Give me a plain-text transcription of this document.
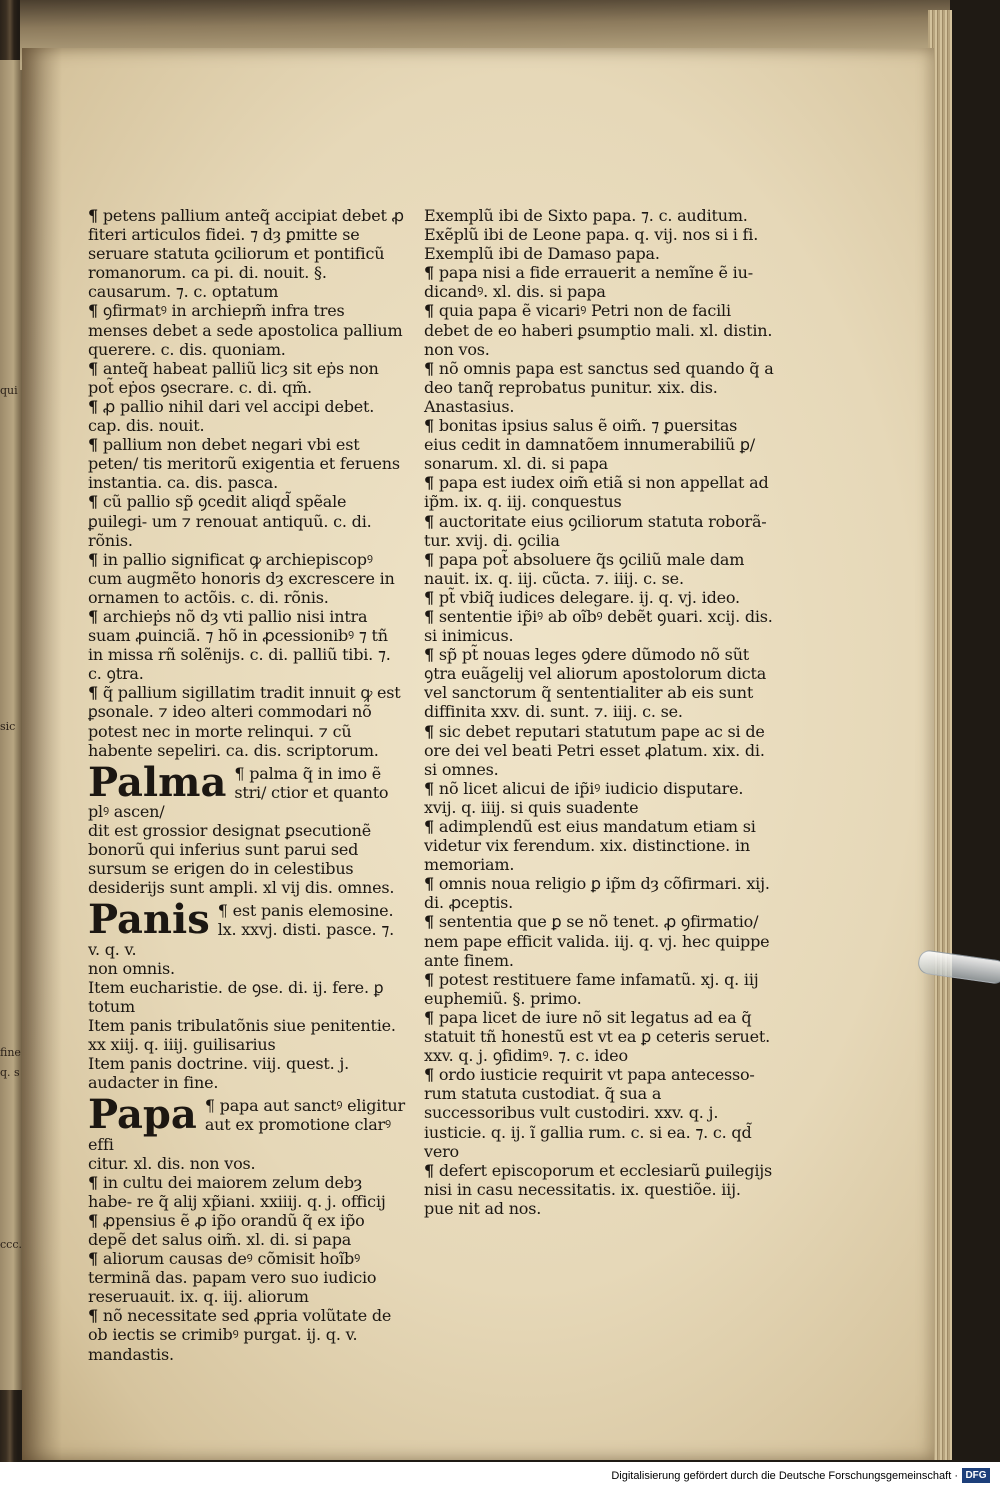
qui
sic
fine
q. s
ccc.

¶ petens pallium anteq̃ accipiat debet ꝓ fiteri articulos fidei. ⁊ dȝ ꝑmitte se seruare statuta ꝯciliorum et pontificũ romanorum. ca pi. di. nouit. §. causarum. ⁊. c. optatum

¶ ꝯfirmatꝰ in archiepm̃ infra tres menses debet a sede apostolica pallium querere. c. dis. quoniam.

¶ anteq̃ habeat palliũ licȝ sit eṗs non pot̃ eṗos ꝯsecrare. c. di. qm̃.

¶ ꝓ pallio nihil dari vel accipi debet. cap. dis. nouit.

¶ pallium non debet negari vbi est peten/ tis meritorũ exigentia et feruens instantia. ca. dis. pasca.

¶ cũ pallio sp̃ ꝯcedit aliqd̃ spẽale ꝑuilegi- um ⁊ renouat antiquũ. c. di. rõnis.

¶ in pallio significat ꝙ archiepiscopꝰ cum augmẽto honoris dȝ excrescere in ornamen to actõis. c. di. rõnis.

¶ archieṗs nõ dȝ vti pallio nisi intra suam ꝓuinciã. ⁊ hõ in ꝓcessionibꝰ ⁊ tñ in missa rñ solẽnijs. c. di. palliũ tibi. ⁊. c. ꝯtra.

¶ q̃ pallium sigillatim tradit innuit ꝙ est ꝑsonale. ⁊ ideo alteri commodari nõ potest nec in morte relinqui. ⁊ cũ habente sepeliri. ca. dis. scriptorum.

Palma ¶ palma q̃ in imo ẽ stri/ ctior et quanto plꝰ ascen/

dit est grossior designat ꝑsecutionẽ bonorũ qui inferius sunt parui sed sursum se erigen do in celestibus desiderijs sunt ampli. xl vij dis. omnes.

Panis ¶ est panis elemosine. lx. xxvj. disti. pasce. ⁊. v. q. v.

non omnis.

Item eucharistie. de ꝯse. di. ij. fere. ꝑ totum

Item panis tribulatõnis siue penitentie. xx xiij. q. iiij. guilisarius

Item panis doctrine. viij. quest. j. audacter in fine.

Papa ¶ papa aut sanctꝰ eligitur aut ex promotione clarꝰ effi

citur. xl. dis. non vos.

¶ in cultu dei maiorem zelum debȝ habe- re q̃ alij xp̃iani. xxiiij. q. j. officij

¶ ꝓpensius ẽ ꝓ ip̃o orandũ q̃ ex ip̃o depẽ det salus oim̃. xl. di. si papa

¶ aliorum causas deꝰ cõmisit hoĩbꝰ terminã das. papam vero suo iudicio reseruauit. ix. q. iij. aliorum

¶ nõ necessitate sed ꝓpria volũtate de ob iectis se crimibꝰ purgat. ij. q. v. mandastis.

Exemplũ ibi de Sixto papa. ⁊. c. auditum.

Exẽplũ ibi de Leone papa. q. vij. nos si i fi.

Exemplũ ibi de Damaso papa.

¶ papa nisi a fide errauerit a nemĩne ẽ iu- dicandꝰ. xl. dis. si papa

¶ quia papa ẽ vicariꝰ Petri non de facili debet de eo haberi ꝑsumptio mali. xl. distin. non vos.

¶ nõ omnis papa est sanctus sed quando q̃ a deo tanq̃ reprobatus punitur. xix. dis. Anastasius.

¶ bonitas ipsius salus ẽ oim̃. ⁊ ꝑuersitas eius cedit in damnatõem innumerabiliũ ꝑ/ sonarum. xl. di. si papa

¶ papa est iudex oim̃ etiã si non appellat ad ip̃m. ix. q. iij. conquestus

¶ auctoritate eius ꝯciliorum statuta roborã- tur. xvij. di. ꝯcilia

¶ papa pot̃ absoluere q̃s ꝯciliũ male dam nauit. ix. q. iij. cũcta. ⁊. iiij. c. se.

¶ pt̃ vbiq̃ iudices delegare. ij. q. vj. ideo.

¶ sententie ip̃iꝰ ab oĩbꝰ debẽt ꝯuari. xcij. dis. si inimicus.

¶ sp̃ pt̃ nouas leges ꝯdere dũmodo nõ sũt ꝯtra euãgelij vel aliorum apostolorum dicta vel sanctorum q̃ sententialiter ab eis sunt diffinita xxv. di. sunt. ⁊. iiij. c. se.

¶ sic debet reputari statutum pape ac si de ore dei vel beati Petri esset ꝓlatum. xix. di. si omnes.

¶ nõ licet alicui de ip̃iꝰ iudicio disputare. xvij. q. iiij. si quis suadente

¶ adimplendũ est eius mandatum etiam si videtur vix ferendum. xix. distinctione. in memoriam.

¶ omnis noua religio ꝑ ip̃m dȝ cõfirmari. xij. di. ꝓceptis.

¶ sententia que ꝑ se nõ tenet. ꝓ ꝯfirmatio/ nem pape efficit valida. iij. q. vj. hec quippe ante finem.

¶ potest restituere fame infamatũ. xj. q. iij euphemiũ. §. primo.

¶ papa licet de iure nõ sit legatus ad ea q̃ statuit tñ honestũ est vt ea ꝑ ceteris seruet. xxv. q. j. ꝯfidimꝰ. ⁊. c. ideo

¶ ordo iusticie requirit vt papa antecesso- rum statuta custodiat. q̃ sua a successoribus vult custodiri. xxv. q. j. iusticie. q. ij. ĩ gallia rum. c. si ea. ⁊. c. qd̃ vero

¶ defert episcoporum et ecclesiarũ ꝑuilegijs nisi in casu necessitatis. ix. questiõe. iij. pue nit ad nos.

Digitalisierung gefördert durch die Deutsche Forschungsgemeinschaft · DFG
